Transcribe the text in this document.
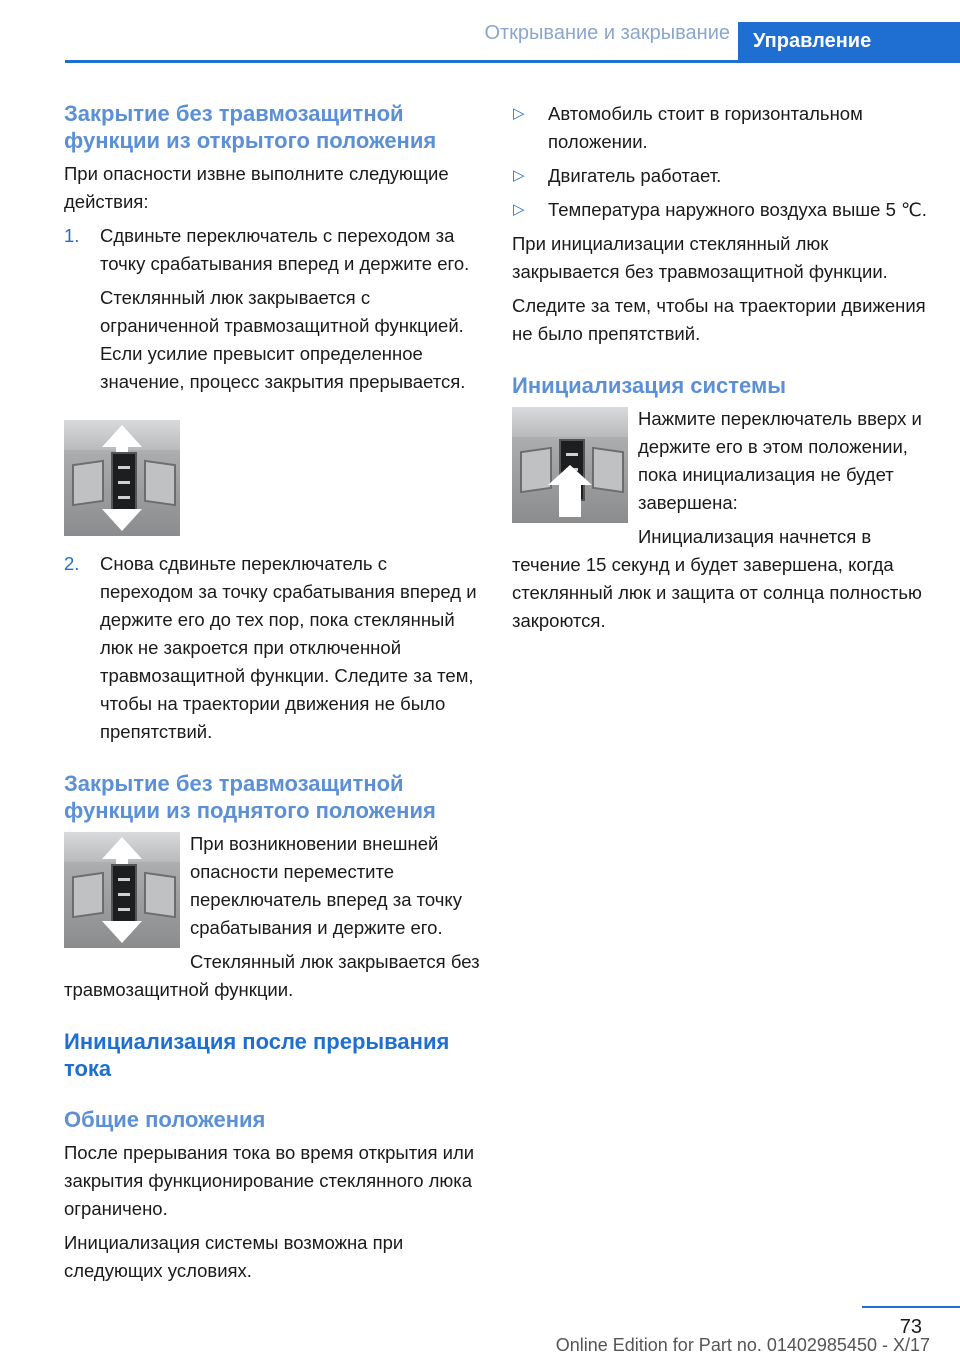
Открывание и закрывание	Управление
Закрытие без травмозащитной функции из открытого положения

При опасности извне выполните следующие действия:

1. Сдвиньте переключатель с переходом за точку срабатывания вперед и держите его.
Стеклянный люк закрывается с ограниченной травмозащитной функцией. Если усилие превысит определенное значение, процесс закрытия прерывается.
2. Снова сдвиньте переключатель с переходом за точку срабатывания вперед и держите его до тех пор, пока стеклянный люк не закроется при отключенной травмозащитной функции. Следите за тем, чтобы на траектории движения не было препятствий.
Закрытие без травмозащитной функции из поднятого положения

При возникновении внешней опасности переместите переключатель вперед за точку срабатывания и держите его.

Стеклянный люк закрывается без травмозащитной функции.

Инициализация после прерывания тока
Общие положения

После прерывания тока во время открытия или закрытия функционирование стеклянного люка ограничено.

Инициализация системы возможна при следующих условиях.

▷ Автомобиль стоит в горизонтальном положении.
▷ Двигатель работает.
▷ Температура наружного воздуха выше 5 ℃.

При инициализации стеклянный люк закрывается без травмозащитной функции.

Следите за тем, чтобы на траектории движения не было препятствий.

Инициализация системы

Нажмите переключатель вверх и держите его в этом положении, пока инициализация не будет завершена:

Инициализация начнется в течение 15 секунд и будет завершена, когда стеклянный люк и защита от солнца полностью закроются.

73
Online Edition for Part no. 01402985450 - X/17
